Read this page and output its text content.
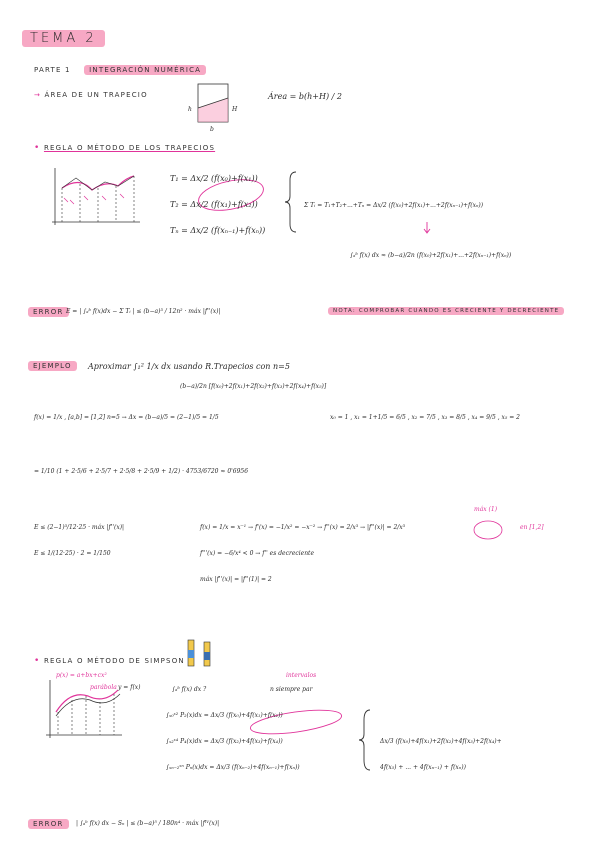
TEMA 2
PARTE 1	INTEGRACIÓN NUMÉRICA
→ ÁREA DE UN TRAPECIO	Área = b(h+H) / 2
h	H
b
• REGLA O MÉTODO DE LOS TRAPECIOS
T₁ = Δx/2 (f(x₀)+f(x₁))
T₂ = Δx/2 (f(x₁)+f(x₂))
Tₙ = Δx/2 (f(xₙ₋₁)+f(xₙ))
Σ Tᵢ = T₁+T₂+...+Tₙ = Δx/2 (f(x₀)+2f(x₁)+...+2f(xₙ₋₁)+f(xₙ))
∫ₐᵇ f(x) dx ≈ (b−a)/2n (f(x₀)+2f(x₁)+...+2f(xₙ₋₁)+f(xₙ))
ERROR E = | ∫ₐᵇ f(x)dx − Σ Tᵢ | ≤ (b−a)³ / 12n² · máx |f''(x)|	NOTA: COMPROBAR CUANDO ES CRECIENTE Y DECRECIENTE
EJEMPLO	Aproximar ∫₁² 1/x dx usando R.Trapecios con n=5
(b−a)/2n [f(x₀)+2f(x₁)+2f(x₂)+f(x₃)+2f(x₄)+f(x₅)]
f(x) = 1/x , [a,b] = [1,2] n=5 → Δx = (b−a)/5 = (2−1)/5 = 1/5	x₀ = 1 , x₁ = 1+1/5 = 6/5 , x₂ = 7/5 , x₃ = 8/5 , x₄ = 9/5 , x₅ = 2
= 1/10 (1 + 2·5/6 + 2·5/7 + 2·5/8 + 2·5/9 + 1/2) · 4753/6720 ≈ 0'6956
E ≤ (2−1)³/12·25 · máx |f''(x)|
E ≤ 1/(12·25) · 2 = 1/150
f(x) = 1/x = x⁻¹ → f'(x) = −1/x² = −x⁻² → f''(x) = 2/x³ → |f''(x)| = 2/x³	en [1,2]
máx (1)
f'''(x) = −6/x⁴ < 0 → f'' es decreciente
máx |f''(x)| = |f''(1)| = 2
• REGLA O MÉTODO DE SIMPSON
p(x) = a+bx+cx²
parábola y = f(x)	∫ₐᵇ f(x) dx ?
intervalos
n siempre par
∫ₓ₀ˣ² P₂(x)dx = Δx/3 (f(x₀)+4f(x₁)+f(x₂))
∫ₓ₂ˣ⁴ P₄(x)dx = Δx/3 (f(x₂)+4f(x₃)+f(x₄))
∫ₓₙ₋₂ˣⁿ Pₙ(x)dx = Δx/3 (f(xₙ₋₂)+4f(xₙ₋₁)+f(xₙ))
Δx/3 (f(x₀)+4f(x₁)+2f(x₂)+4f(x₃)+2f(x₄)+
4f(x₅) + ... + 4f(xₙ₋₁) + f(xₙ))
ERROR	| ∫ₐᵇ f(x) dx − Sₙ | ≤ (b−a)⁵ / 180n⁴ · máx |fᴵⱽ(x)|
